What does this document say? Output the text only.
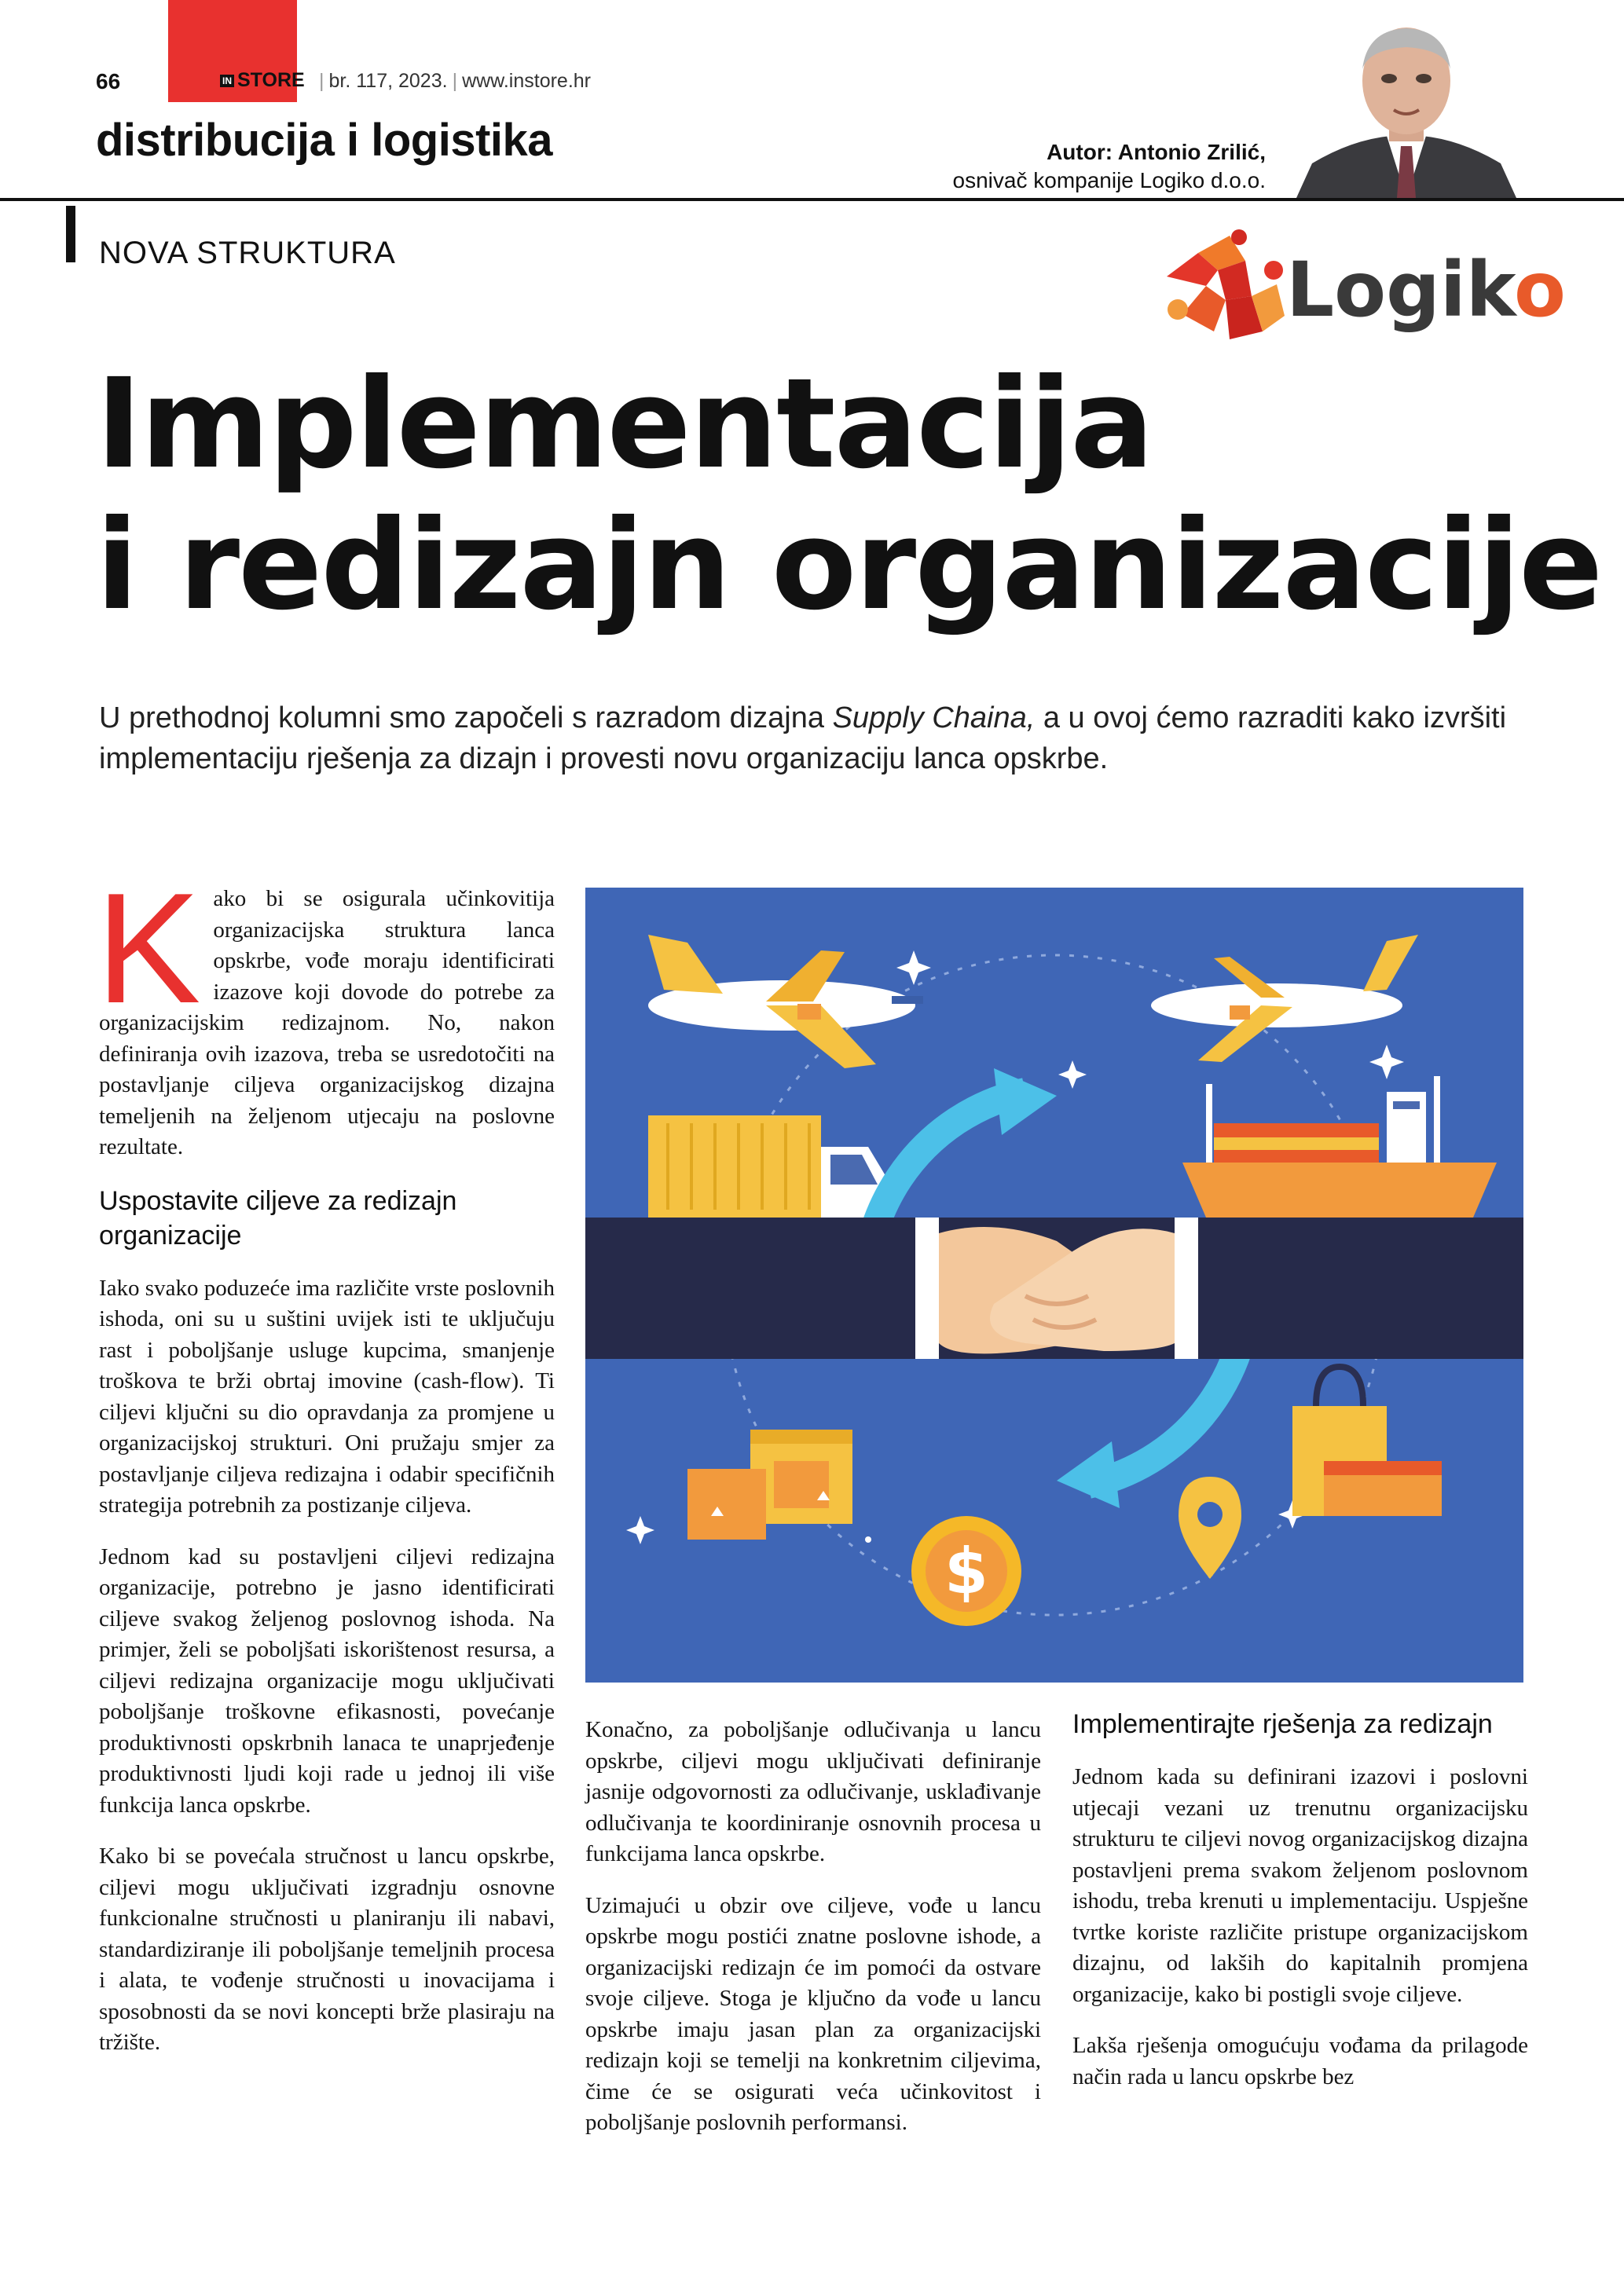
66	IN STORE | br. 117, 2023. | www.instore.hr
distribucija i logistika	Autor: Antonio Zrilić,
osnivač kompanije Logiko d.o.o.
NOVA STRUKTURA	Logiko
Implementacija
i redizajn organizacije
U prethodnoj kolumni smo započeli s razradom dizajna Supply Chaina, a u ovoj ćemo razraditi kako izvršiti implementaciju rješenja za dizajn i provesti novu organizaciju lanca opskrbe.

Kako bi se osigurala učinkovitija organizacijska struktura lanca opskrbe, vođe moraju identificirati izazove koji dovode do potrebe za organizacijskim redizajnom. No, nakon definiranja ovih izazova, treba se usredotočiti na postavljanje ciljeva organizacijskog dizajna temeljenih na željenom utjecaju na poslovne rezultate.

Uspostavite ciljeve za redizajn organizacije

Iako svako poduzeće ima različite vrste poslovnih ishoda, oni su u suštini uvijek isti te uključuju rast i poboljšanje usluge kupcima, smanjenje troškova te brži obrtaj imovine (cash-flow). Ti ciljevi ključni su dio opravdanja za promjene u organizacijskoj strukturi. Oni pružaju smjer za postavljanje ciljeva redizajna i odabir specifičnih strategija potrebnih za postizanje ciljeva.

Jednom kad su postavljeni ciljevi redizajna organizacije, potrebno je jasno identificirati ciljeve svakog željenog poslovnog ishoda. Na primjer, želi se poboljšati iskorištenost resursa, a ciljevi redizajna organizacije mogu uključivati poboljšanje troškovne efikasnosti, povećanje produktivnosti opskrbnih lanaca te unaprjeđenje produktivnosti ljudi koji rade u jednoj ili više funkcija lanca opskrbe.

Kako bi se povećala stručnost u lancu opskrbe, ciljevi mogu uključivati izgradnju osnovne funkcionalne stručnosti u planiranju ili nabavi, standardiziranje ili poboljšanje temeljnih procesa i alata, te vođenje stručnosti u inovacijama i sposobnosti da se novi koncepti brže plasiraju na tržište.

$

Konačno, za poboljšanje odlučivanja u lancu opskrbe, ciljevi mogu uključivati definiranje jasnije odgovornosti za odlučivanje, usklađivanje odlučivanja te koordiniranje osnovnih procesa u funkcijama lanca opskrbe.

Uzimajući u obzir ove ciljeve, vođe u lancu opskrbe mogu postići znatne poslovne ishode, a organizacijski redizajn će im pomoći da ostvare svoje ciljeve. Stoga je ključno da vođe u lancu opskrbe imaju jasan plan za organizacijski redizajn koji se temelji na konkretnim ciljevima, čime će se osigurati veća učinkovitost i poboljšanje poslovnih performansi.

Implementirajte rješenja za redizajn

Jednom kada su definirani izazovi i poslovni utjecaji vezani uz trenutnu organizacijsku strukturu te ciljevi novog organizacijskog dizajna postavljeni prema svakom željenom poslovnom ishodu, treba krenuti u implementaciju. Uspješne tvrtke koriste različite pristupe organizacijskom dizajnu, od lakših do kapitalnih promjena organizacije, kako bi postigli svoje ciljeve.

Lakša rješenja omogućuju vođama da prilagode način rada u lancu opskrbe bez
